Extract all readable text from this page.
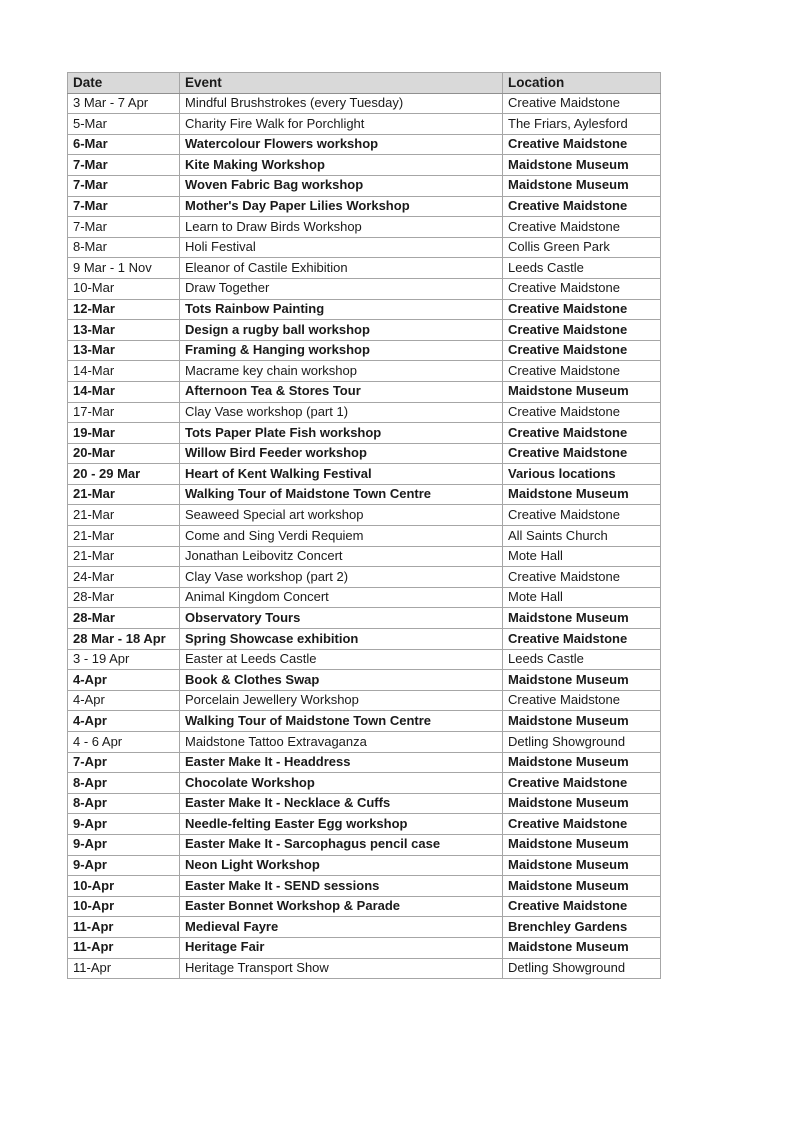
Date	Event	Location
3 Mar - 7 Apr	Mindful Brushstrokes (every Tuesday)	Creative Maidstone
5-Mar	Charity Fire Walk for Porchlight	The Friars, Aylesford
6-Mar	Watercolour Flowers workshop	Creative Maidstone
7-Mar	Kite Making Workshop	Maidstone Museum
7-Mar	Woven Fabric Bag workshop	Maidstone Museum
7-Mar	Mother's Day Paper Lilies Workshop	Creative Maidstone
7-Mar	Learn to Draw Birds Workshop	Creative Maidstone
8-Mar	Holi Festival	Collis Green Park
9 Mar - 1 Nov	Eleanor of Castile Exhibition	Leeds Castle
10-Mar	Draw Together	Creative Maidstone
12-Mar	Tots Rainbow Painting	Creative Maidstone
13-Mar	Design a rugby ball workshop	Creative Maidstone
13-Mar	Framing & Hanging workshop	Creative Maidstone
14-Mar	Macrame key chain workshop	Creative Maidstone
14-Mar	Afternoon Tea & Stores Tour	Maidstone Museum
17-Mar	Clay Vase workshop (part 1)	Creative Maidstone
19-Mar	Tots Paper Plate Fish workshop	Creative Maidstone
20-Mar	Willow Bird Feeder workshop	Creative Maidstone
20 - 29 Mar	Heart of Kent Walking Festival	Various locations
21-Mar	Walking Tour of Maidstone Town Centre	Maidstone Museum
21-Mar	Seaweed Special art workshop	Creative Maidstone
21-Mar	Come and Sing Verdi Requiem	All Saints Church
21-Mar	Jonathan Leibovitz Concert	Mote Hall
24-Mar	Clay Vase workshop (part 2)	Creative Maidstone
28-Mar	Animal Kingdom Concert	Mote Hall
28-Mar	Observatory Tours	Maidstone Museum
28 Mar - 18 Apr	Spring Showcase exhibition	Creative Maidstone
3 - 19 Apr	Easter at Leeds Castle	Leeds Castle
4-Apr	Book & Clothes Swap	Maidstone Museum
4-Apr	Porcelain Jewellery Workshop	Creative Maidstone
4-Apr	Walking Tour of Maidstone Town Centre	Maidstone Museum
4 - 6 Apr	Maidstone Tattoo Extravaganza	Detling Showground
7-Apr	Easter Make It - Headdress	Maidstone Museum
8-Apr	Chocolate Workshop	Creative Maidstone
8-Apr	Easter Make It - Necklace & Cuffs	Maidstone Museum
9-Apr	Needle-felting Easter Egg workshop	Creative Maidstone
9-Apr	Easter Make It - Sarcophagus pencil case	Maidstone Museum
9-Apr	Neon Light Workshop	Maidstone Museum
10-Apr	Easter Make It - SEND sessions	Maidstone Museum
10-Apr	Easter Bonnet Workshop & Parade	Creative Maidstone
11-Apr	Medieval Fayre	Brenchley Gardens
11-Apr	Heritage Fair	Maidstone Museum
11-Apr	Heritage Transport Show	Detling Showground
